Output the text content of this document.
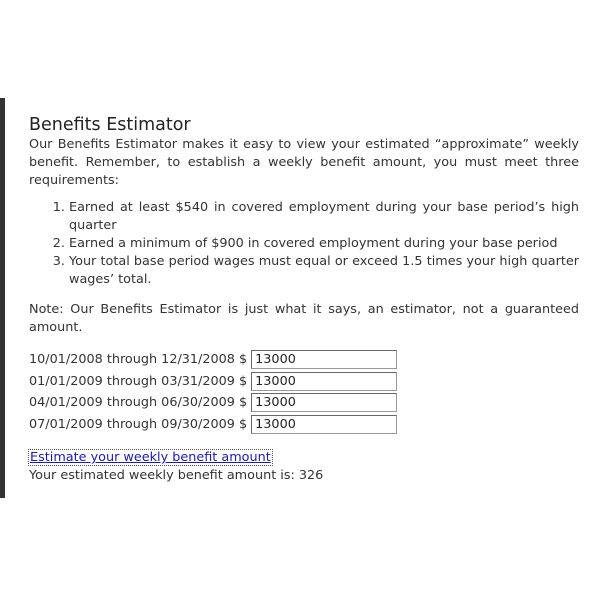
Benefits Estimator

Our Benefits Estimator makes it easy to view your estimated “approximate” weekly benefit. Remember, to establish a weekly benefit amount, you must meet three requirements:

1. Earned at least $540 in covered employment during your base period’s high quarter
2. Earned a minimum of $900 in covered employment during your base period
3. Your total base period wages must equal or exceed 1.5 times your high quarter wages’ total.

Note: Our Benefits Estimator is just what it says, an estimator, not a guaranteed amount.

10/01/2008 through 12/31/2008 $
13000
01/01/2009 through 03/31/2009 $
13000
04/01/2009 through 06/30/2009 $
13000
07/01/2009 through 09/30/2009 $
13000
Estimate your weekly benefit amount
Your estimated weekly benefit amount is: 326
